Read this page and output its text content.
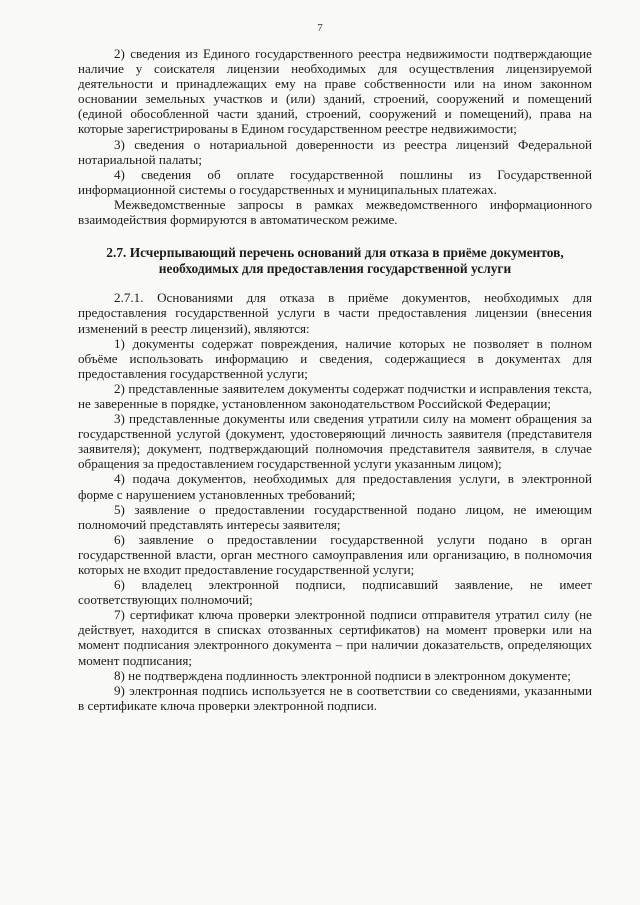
7

2) сведения из Единого государственного реестра недвижимости подтверждающие наличие у соискателя лицензии необходимых для осуществления лицензируемой деятельности и принадлежащих ему на праве собственности или на ином законном основании земельных участков и (или) зданий, строений, сооружений и помещений (единой обособленной части зданий, строений, сооружений и помещений), права на которые зарегистрированы в Едином государственном реестре недвижимости;

3) сведения о нотариальной доверенности из реестра лицензий Федеральной нотариальной палаты;

4) сведения об оплате государственной пошлины из Государственной информационной системы о государственных и муниципальных платежах.

Межведомственные запросы в рамках межведомственного информационного взаимодействия формируются в автоматическом режиме.

2.7. Исчерпывающий перечень оснований для отказа в приёме документов, необходимых для предоставления государственной услуги

2.7.1. Основаниями для отказа в приёме документов, необходимых для предоставления государственной услуги в части предоставления лицензии (внесения изменений в реестр лицензий), являются:

1) документы содержат повреждения, наличие которых не позволяет в полном объёме использовать информацию и сведения, содержащиеся в документах для предоставления государственной услуги;

2) представленные заявителем документы содержат подчистки и исправления текста, не заверенные в порядке, установленном законодательством Российской Федерации;

3) представленные документы или сведения утратили силу на момент обращения за государственной услугой (документ, удостоверяющий личность заявителя (представителя заявителя); документ, подтверждающий полномочия представителя заявителя, в случае обращения за предоставлением государственной услуги указанным лицом);

4) подача документов, необходимых для предоставления услуги, в электронной форме с нарушением установленных требований;

5) заявление о предоставлении государственной подано лицом, не имеющим полномочий представлять интересы заявителя;

6) заявление о предоставлении государственной услуги подано в орган государственной власти, орган местного самоуправления или организацию, в полномочия которых не входит предоставление государственной услуги;

6) владелец электронной подписи, подписавший заявление, не имеет соответствующих полномочий;

7) сертификат ключа проверки электронной подписи отправителя утратил силу (не действует, находится в списках отозванных сертификатов) на момент проверки или на момент подписания электронного документа – при наличии доказательств, определяющих момент подписания;

8) не подтверждена подлинность электронной подписи в электронном документе;

9) электронная подпись используется не в соответствии со сведениями, указанными в сертификате ключа проверки электронной подписи.
